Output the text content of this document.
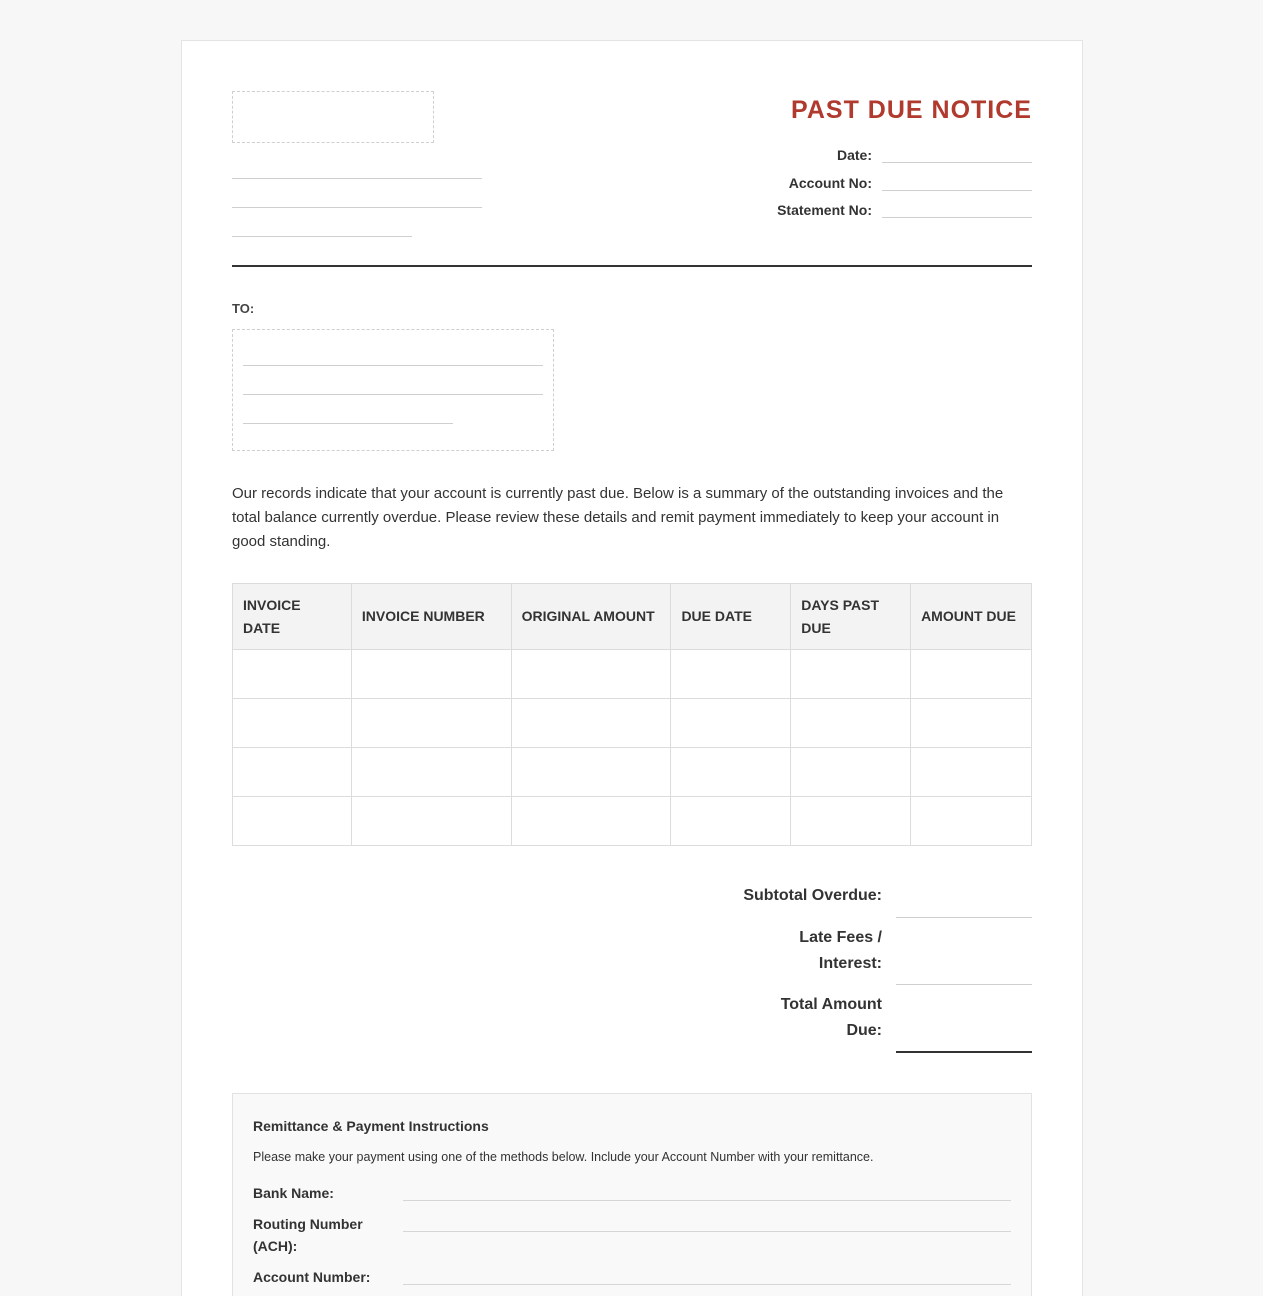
PAST DUE NOTICE
Date:
Account No:
Statement No:
TO:
Our records indicate that your account is currently past due. Below is a summary of the outstanding invoices and the total balance currently overdue. Please review these details and remit payment immediately to keep your account in good standing.
INVOICE DATE	INVOICE NUMBER	ORIGINAL AMOUNT	DUE DATE	DAYS PAST DUE	AMOUNT DUE

Subtotal Overdue:
Late Fees / Interest:
Total Amount Due:
Remittance & Payment Instructions
Please make your payment using one of the methods below. Include your Account Number with your remittance.
Bank Name:
Routing Number (ACH):
Account Number:
